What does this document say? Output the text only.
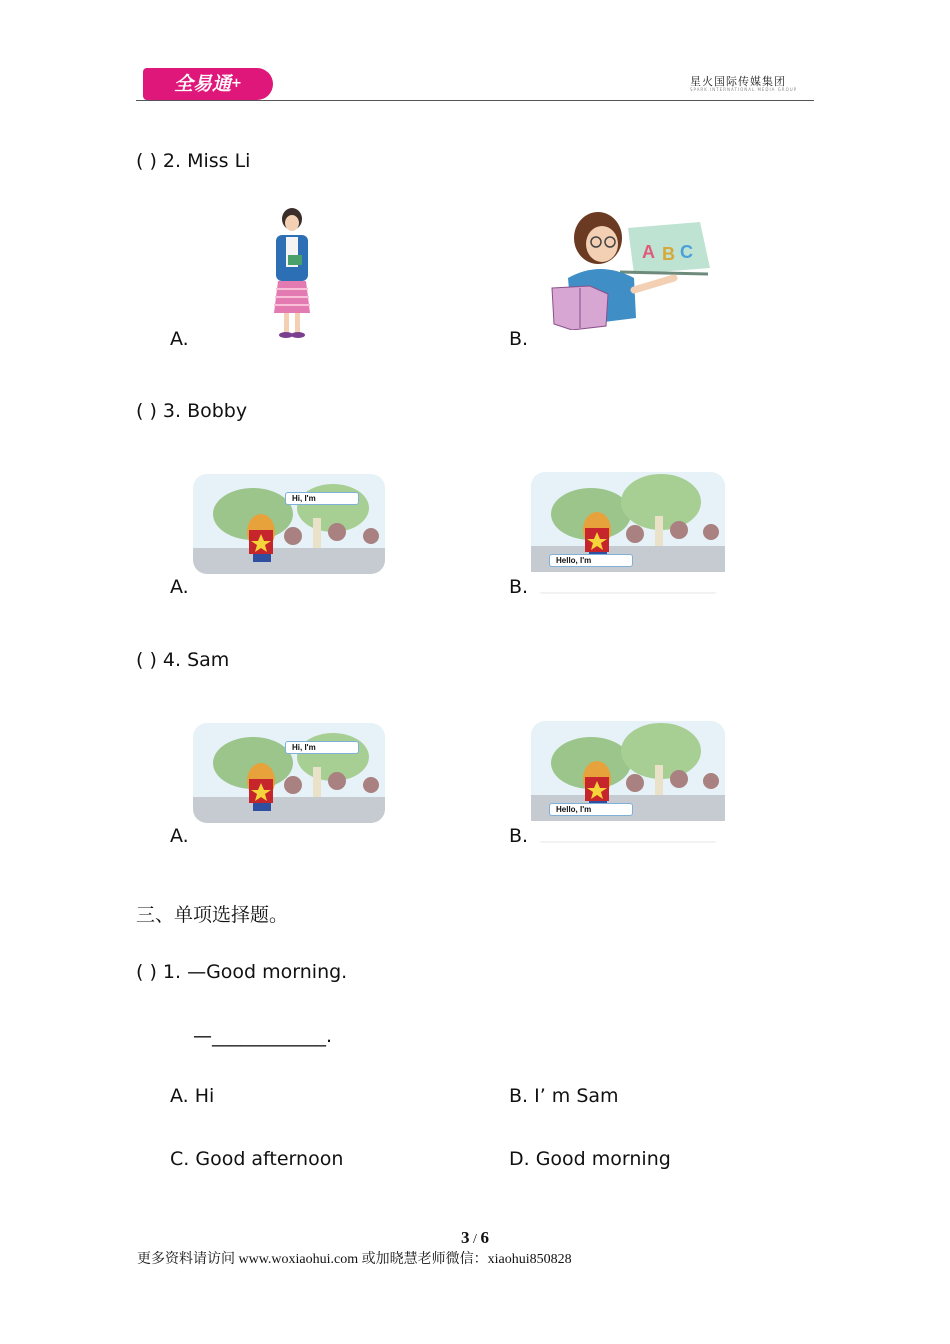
全易通+	星火国际传媒集团
SPARK INTERNATIONAL MEDIA GROUP
( ) 2. Miss Li
A.	B.
A B C
( ) 3. Bobby
A.	B.
Hi, I'm
Hello, I'm
( ) 4. Sam
A.	B.
Hi, I'm
Hello, I'm
三、单项选择题。
( ) 1. —Good morning.
—____________.
A. Hi	B. I’ m Sam
C. Good afternoon	D. Good morning
3 / 6
更多资料请访问 www.woxiaohui.com 或加晓慧老师微信：xiaohui850828
